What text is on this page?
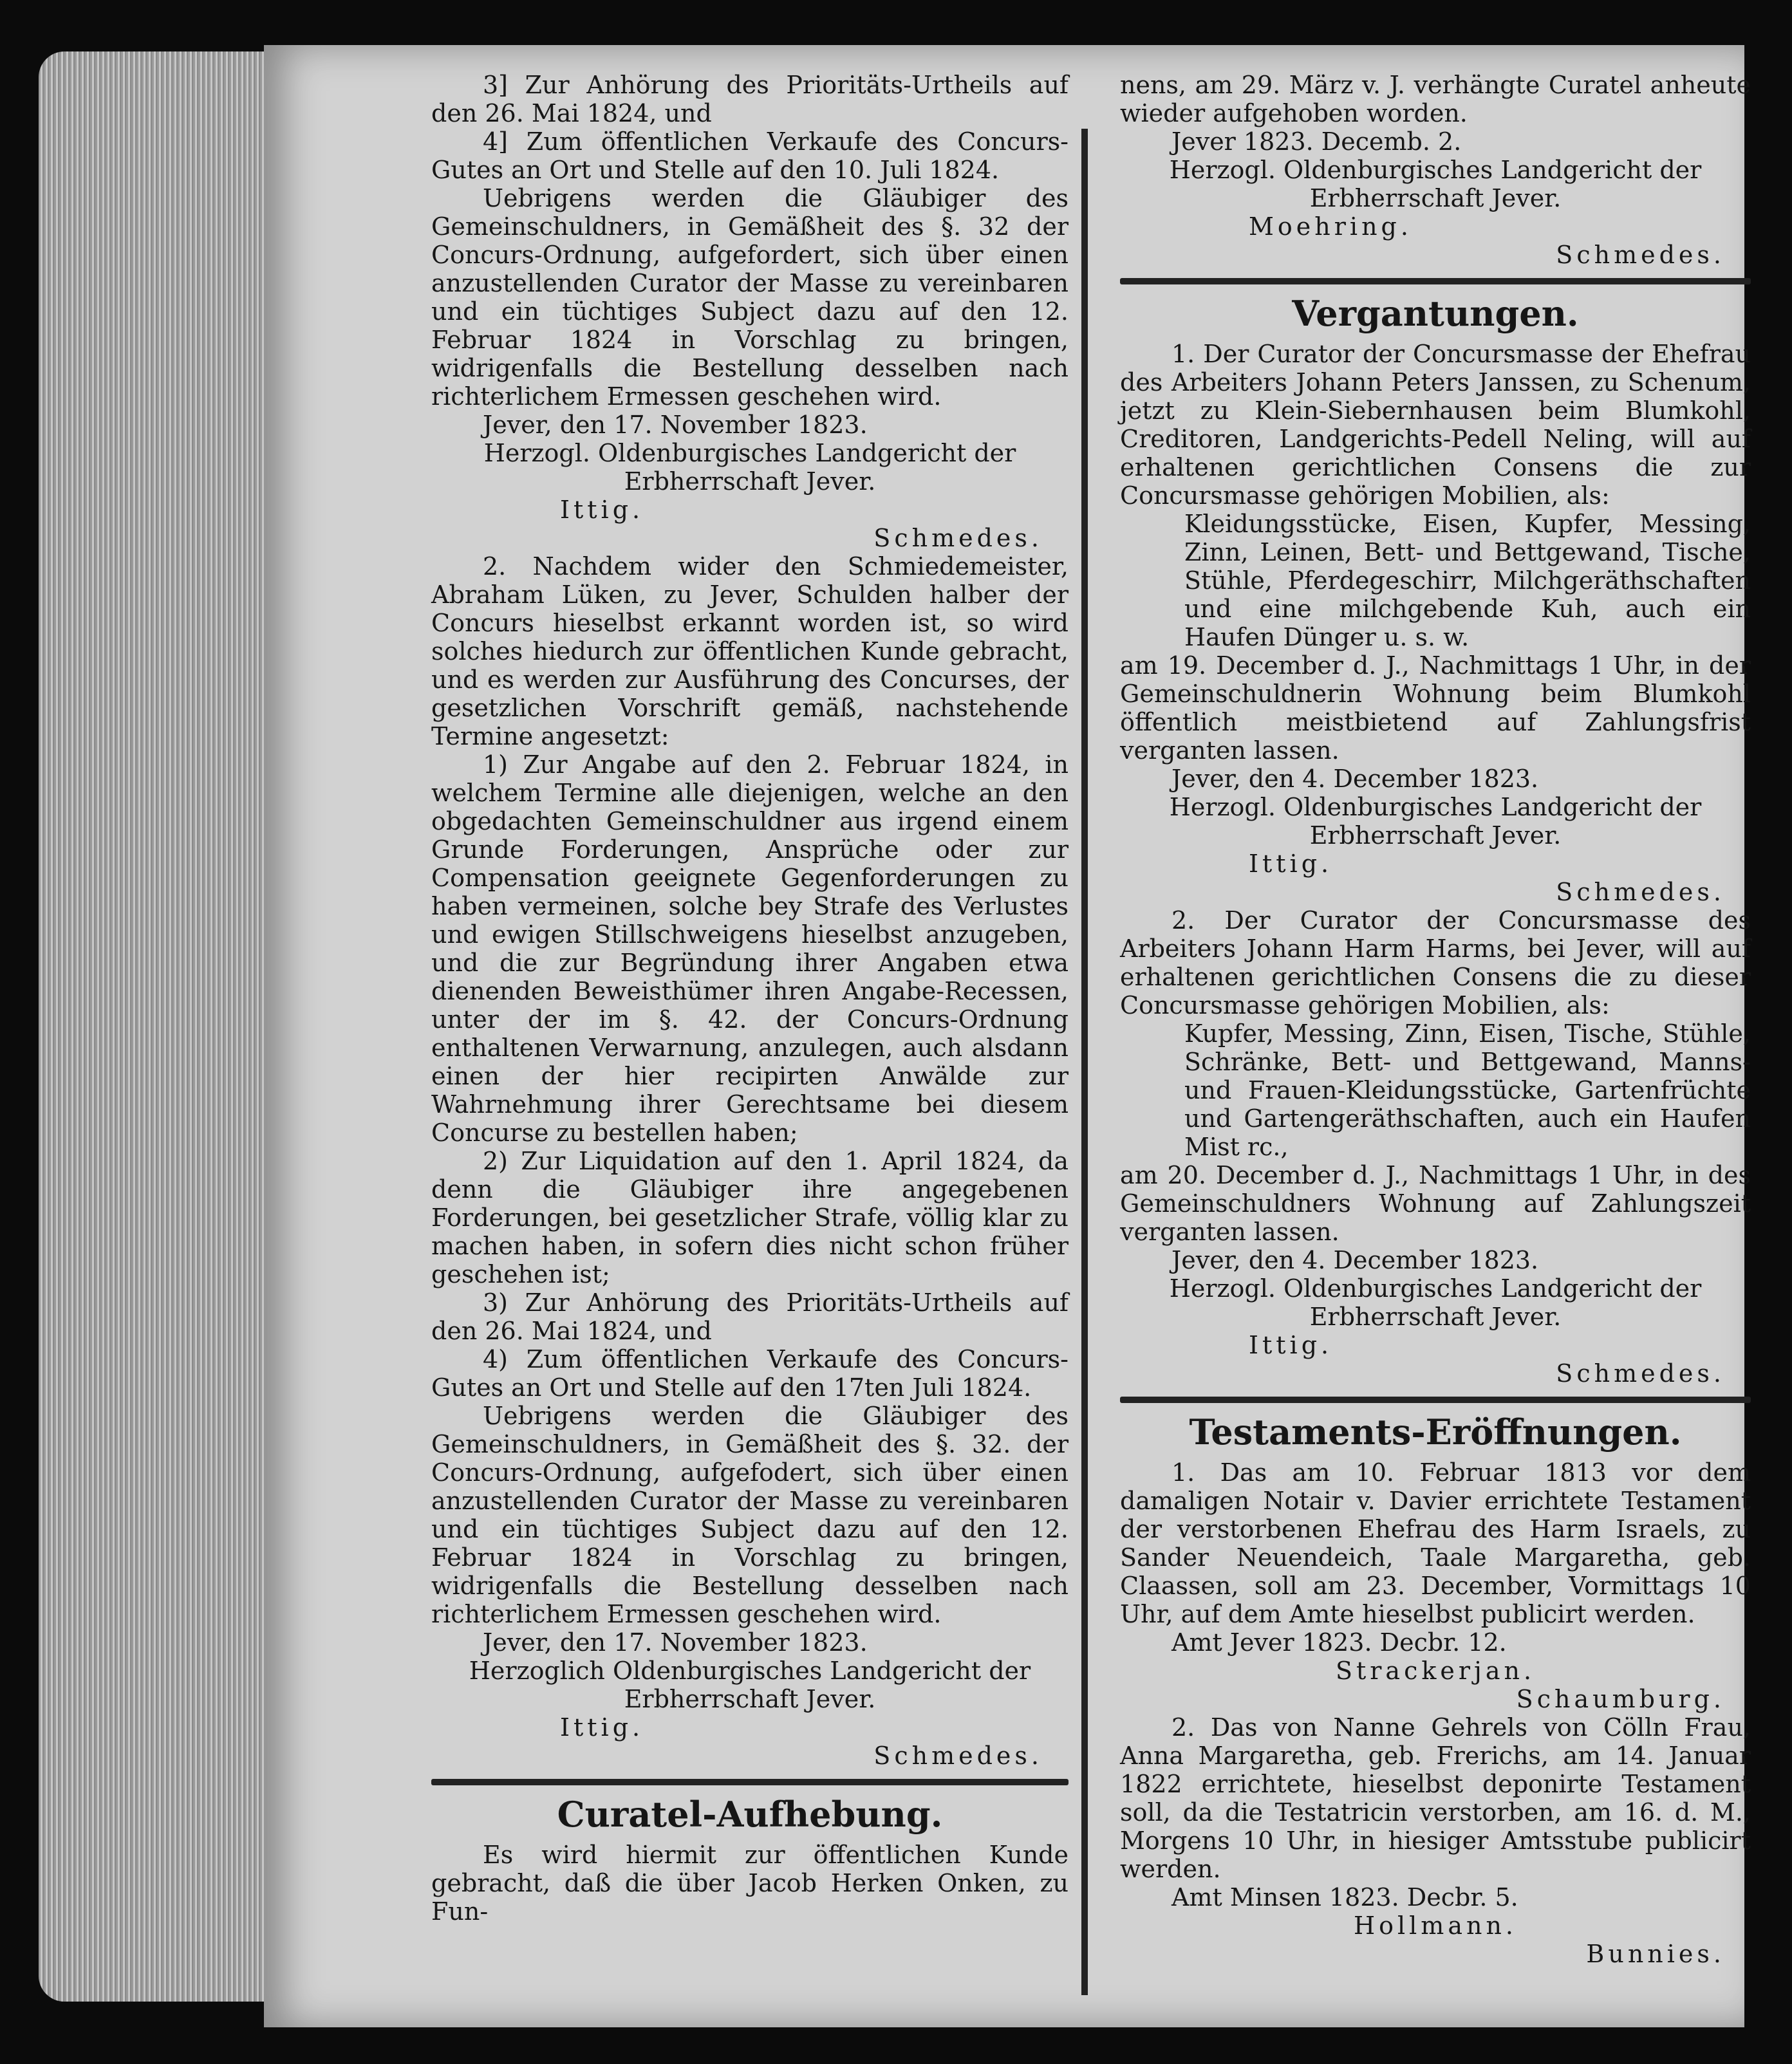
3] Zur Anhörung des Prioritäts-Urtheils auf den 26. Mai 1824, und

4] Zum öffentlichen Verkaufe des Concurs-Gutes an Ort und Stelle auf den 10. Juli 1824.

Uebrigens werden die Gläubiger des Gemeinschuldners, in Gemäßheit des §. 32 der Concurs-Ordnung, aufgefordert, sich über einen anzustellenden Curator der Masse zu vereinbaren und ein tüchtiges Subject dazu auf den 12. Februar 1824 in Vorschlag zu bringen, widrigenfalls die Bestellung desselben nach richterlichem Ermessen geschehen wird.

Jever, den 17. November 1823.

Herzogl. Oldenburgisches Landgericht der Erbherrschaft Jever.

Ittig.

Schmedes.

2. Nachdem wider den Schmiedemeister, Abraham Lüken, zu Jever, Schulden halber der Concurs hieselbst erkannt worden ist, so wird solches hiedurch zur öffentlichen Kunde gebracht, und es werden zur Ausführung des Concurses, der gesetzlichen Vorschrift gemäß, nachstehende Termine angesetzt:

1) Zur Angabe auf den 2. Februar 1824, in welchem Termine alle diejenigen, welche an den obgedachten Gemeinschuldner aus irgend einem Grunde Forderungen, Ansprüche oder zur Compensation geeignete Gegenforderungen zu haben vermeinen, solche bey Strafe des Verlustes und ewigen Stillschweigens hieselbst anzugeben, und die zur Begründung ihrer Angaben etwa dienenden Beweisthümer ihren Angabe-Recessen, unter der im §. 42. der Concurs-Ordnung enthaltenen Verwarnung, anzulegen, auch alsdann einen der hier recipirten Anwälde zur Wahrnehmung ihrer Gerechtsame bei diesem Concurse zu bestellen haben;

2) Zur Liquidation auf den 1. April 1824, da denn die Gläubiger ihre angegebenen Forderungen, bei gesetzlicher Strafe, völlig klar zu machen haben, in sofern dies nicht schon früher geschehen ist;

3) Zur Anhörung des Prioritäts-Urtheils auf den 26. Mai 1824, und

4) Zum öffentlichen Verkaufe des Concurs-Gutes an Ort und Stelle auf den 17ten Juli 1824.

Uebrigens werden die Gläubiger des Gemeinschuldners, in Gemäßheit des §. 32. der Concurs-Ordnung, aufgefodert, sich über einen anzustellenden Curator der Masse zu vereinbaren und ein tüchtiges Subject dazu auf den 12. Februar 1824 in Vorschlag zu bringen, widrigenfalls die Bestellung desselben nach richterlichem Ermessen geschehen wird.

Jever, den 17. November 1823.

Herzoglich Oldenburgisches Landgericht der Erbherrschaft Jever.

Ittig.

Schmedes.

Curatel-Aufhebung.

Es wird hiermit zur öffentlichen Kunde gebracht, daß die über Jacob Herken Onken, zu Fun-

nens, am 29. März v. J. verhängte Curatel anheute wieder aufgehoben worden.

Jever 1823. Decemb. 2.

Herzogl. Oldenburgisches Landgericht der Erbherrschaft Jever.

Moehring.

Schmedes.

Vergantungen.

1. Der Curator der Concursmasse der Ehefrau des Arbeiters Johann Peters Janssen, zu Schenum, jetzt zu Klein-Siebernhausen beim Blumkohl, Creditoren, Landgerichts-Pedell Neling, will auf erhaltenen gerichtlichen Consens die zur Concursmasse gehörigen Mobilien, als:

Kleidungsstücke, Eisen, Kupfer, Messing, Zinn, Leinen, Bett- und Bettgewand, Tische, Stühle, Pferdegeschirr, Milchgeräthschaften und eine milchgebende Kuh, auch ein Haufen Dünger u. s. w.

am 19. December d. J., Nachmittags 1 Uhr, in der Gemeinschuldnerin Wohnung beim Blumkohl öffentlich meistbietend auf Zahlungsfrist verganten lassen.

Jever, den 4. December 1823.

Herzogl. Oldenburgisches Landgericht der Erbherrschaft Jever.

Ittig.

Schmedes.

2. Der Curator der Concursmasse des Arbeiters Johann Harm Harms, bei Jever, will auf erhaltenen gerichtlichen Consens die zu dieser Concursmasse gehörigen Mobilien, als:

Kupfer, Messing, Zinn, Eisen, Tische, Stühle, Schränke, Bett- und Bettgewand, Manns- und Frauen-Kleidungsstücke, Gartenfrüchte und Gartengeräthschaften, auch ein Haufen Mist rc.,

am 20. December d. J., Nachmittags 1 Uhr, in des Gemeinschuldners Wohnung auf Zahlungszeit verganten lassen.

Jever, den 4. December 1823.

Herzogl. Oldenburgisches Landgericht der Erbherrschaft Jever.

Ittig.

Schmedes.

Testaments-Eröffnungen.

1. Das am 10. Februar 1813 vor dem damaligen Notair v. Davier errichtete Testament der verstorbenen Ehefrau des Harm Israels, zu Sander Neuendeich, Taale Margaretha, geb. Claassen, soll am 23. December, Vormittags 10 Uhr, auf dem Amte hieselbst publicirt werden.

Amt Jever 1823. Decbr. 12.

Strackerjan.

Schaumburg.

2. Das von Nanne Gehrels von Cölln Frau, Anna Margaretha, geb. Frerichs, am 14. Januar 1822 errichtete, hieselbst deponirte Testament soll, da die Testatricin verstorben, am 16. d. M., Morgens 10 Uhr, in hiesiger Amtsstube publicirt werden.

Amt Minsen 1823. Decbr. 5.

Hollmann.

Bunnies.
